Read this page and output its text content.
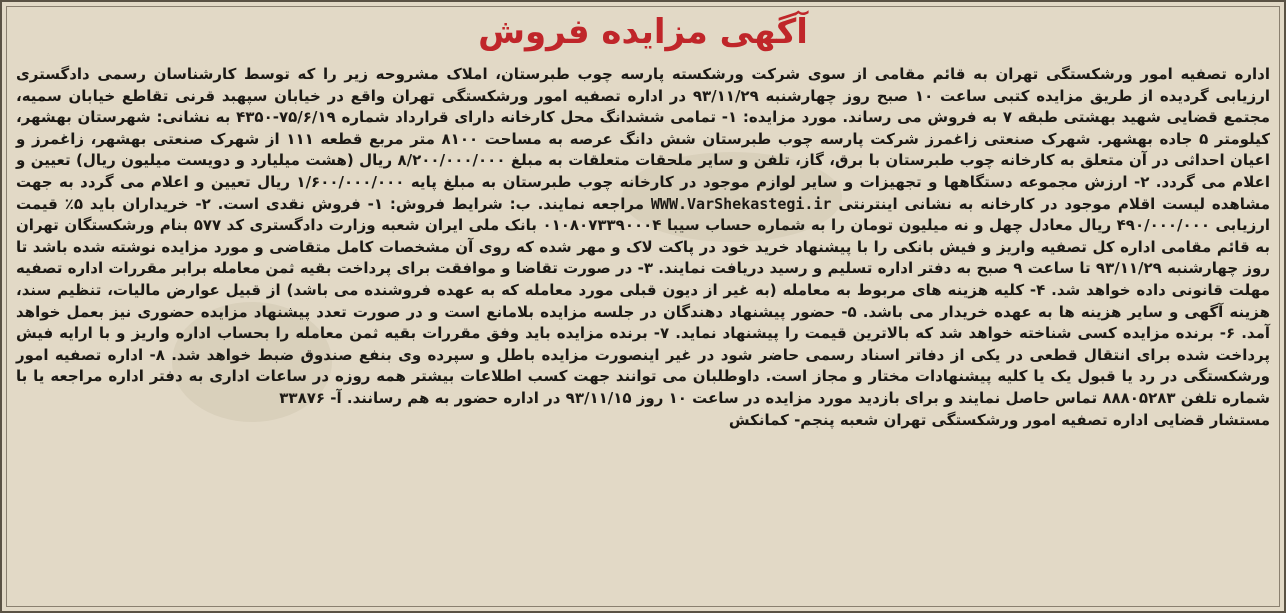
آگهی مزایده فروش

اداره تصفیه امور ورشکستگی تهران به قائم مقامی از سوی شرکت ورشکسته پارسه چوب طبرستان، املاک مشروحه زیر را که توسط کارشناسان رسمی دادگستری ارزیابی گردیده از طریق مزایده کتبی ساعت ۱۰ صبح روز چهارشنبه ۹۳/۱۱/۲۹ در اداره تصفیه امور ورشکستگی تهران واقع در خیابان سپهبد قرنی تقاطع خیابان سمیه، مجتمع قضایی شهید بهشتی طبقه ۷ به فروش می رساند. مورد مزایده: ۱- تمامی ششدانگ محل کارخانه دارای قرارداد شماره ۷۵/۶/۱۹-۴۳۵۰ به نشانی: شهرستان بهشهر، کیلومتر ۵ جاده بهشهر. شهرک صنعتی زاغمرز شرکت پارسه چوب طبرستان شش دانگ عرصه به مساحت ۸۱۰۰ متر مربع قطعه ۱۱۱ از شهرک صنعتی بهشهر، زاغمرز و اعیان احداثی در آن متعلق به کارخانه چوب طبرستان با برق، گاز، تلفن و سایر ملحقات متعلقات به مبلغ ۸/۲۰۰/۰۰۰/۰۰۰ ریال (هشت میلیارد و دویست میلیون ریال) تعیین و اعلام می گردد. ۲- ارزش مجموعه دستگاهها و تجهیزات و سایر لوازم موجود در کارخانه چوب طبرستان به مبلغ پایه ۱/۶۰۰/۰۰۰/۰۰۰ ریال تعیین و اعلام می گردد به جهت مشاهده لیست اقلام موجود در کارخانه به نشانی اینترنتی WWW.VarShekastegi.ir مراجعه نمایند. ب: شرایط فروش: ۱- فروش نقدی است. ۲- خریداران باید ۵٪ قیمت ارزیابی ۴۹۰/۰۰۰/۰۰۰ ریال معادل چهل و نه میلیون تومان را به شماره حساب سیبا ۰۱۰۸۰۷۳۳۹۰۰۰۴ بانک ملی ایران شعبه وزارت دادگستری کد ۵۷۷ بنام ورشکستگان تهران به قائم مقامی اداره کل تصفیه واریز و فیش بانکی را با پیشنهاد خرید خود در پاکت لاک و مهر شده که روی آن مشخصات کامل متقاضی و مورد مزایده نوشته شده باشد تا روز چهارشنبه ۹۳/۱۱/۲۹ تا ساعت ۹ صبح به دفتر اداره تسلیم و رسید دریافت نمایند. ۳- در صورت تقاضا و موافقت برای پرداخت بقیه ثمن معامله برابر مقررات اداره تصفیه مهلت قانونی داده خواهد شد. ۴- کلیه هزینه های مربوط به معامله (به غیر از دیون قبلی مورد معامله که به عهده فروشنده می باشد) از قبیل عوارض مالیات، تنظیم سند، هزینه آگهی و سایر هزینه ها به عهده خریدار می باشد. ۵- حضور پیشنهاد دهندگان در جلسه مزایده بلامانع است و در صورت تعدد پیشنهاد مزایده حضوری نیز بعمل خواهد آمد. ۶- برنده مزایده کسی شناخته خواهد شد که بالاترین قیمت را پیشنهاد نماید. ۷- برنده مزایده باید وفق مقررات بقیه ثمن معامله را بحساب اداره واریز و با ارایه فیش پرداخت شده برای انتقال قطعی در یکی از دفاتر اسناد رسمی حاضر شود در غیر اینصورت مزایده باطل و سپرده وی بنفع صندوق ضبط خواهد شد. ۸- اداره تصفیه امور ورشکستگی در رد یا قبول یک یا کلیه پیشنهادات مختار و مجاز است. داوطلبان می توانند جهت کسب اطلاعات بیشتر همه روزه در ساعات اداری به دفتر اداره مراجعه یا با شماره تلفن ۸۸۸۰۵۲۸۳ تماس حاصل نمایند و برای بازدید مورد مزایده در ساعت ۱۰ روز ۹۳/۱۱/۱۵ در اداره حضور به هم رسانند. آ- ۳۳۸۷۶

مستشار قضایی اداره تصفیه امور ورشکستگی تهران شعبه پنجم- کمانکش
